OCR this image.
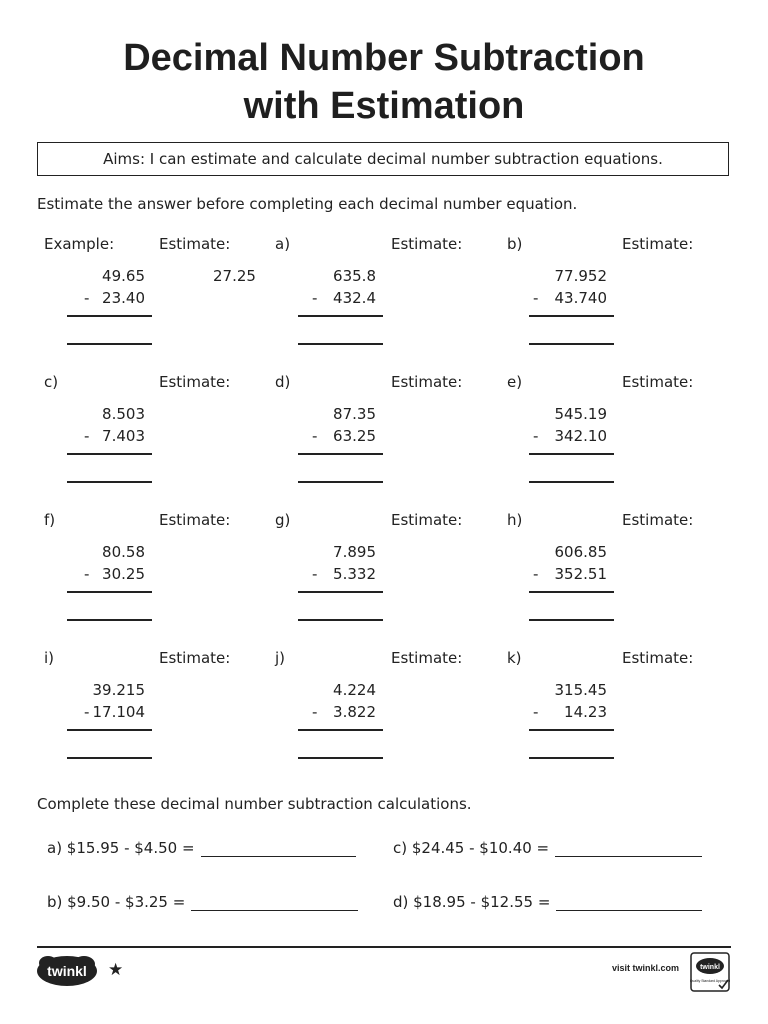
Decimal Number Subtraction
with Estimation
Aims: I can estimate and calculate decimal number subtraction equations.
Estimate the answer before completing each decimal number equation.
Example:	Estimate:
27.25
49.65
- 23.40
a)	Estimate:
635.8
- 432.4
b)	Estimate:
77.952
- 43.740
c)	Estimate:
8.503
- 7.403
d)	Estimate:
87.35
- 63.25
e)	Estimate:
545.19
- 342.10
f)	Estimate:
80.58
- 30.25
g)	Estimate:
7.895
- 5.332
h)	Estimate:
606.85
- 352.51
i)	Estimate:
39.215
- 17.104
j)	Estimate:
4.224
- 3.822
k)	Estimate:
315.45
- 14.23
Complete these decimal number subtraction calculations.
a) $15.95 - $4.50 =	c) $24.45 - $10.40 =
b) $9.50 - $3.25 =	d) $18.95 - $12.55 =
twinkl ★	visit twinkl.com	twinkl
Quality Standard Approved
